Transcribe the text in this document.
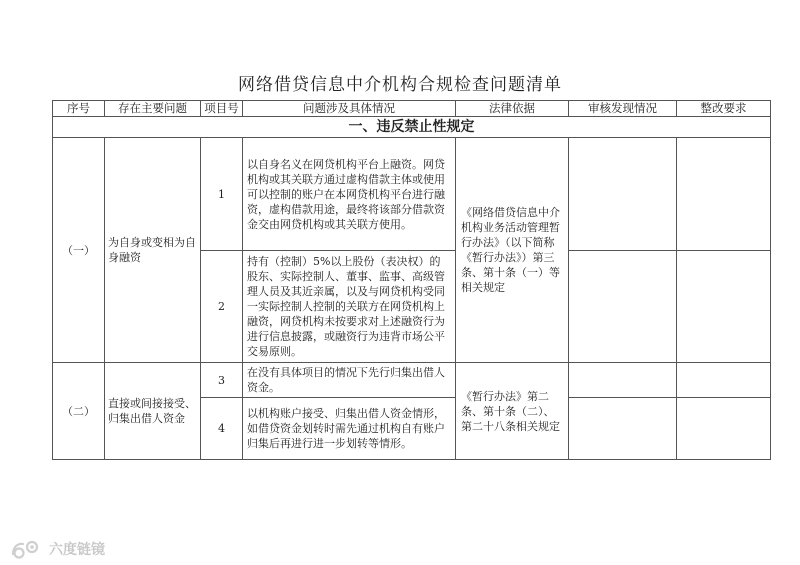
网络借贷信息中介机构合规检查问题清单
序号	存在主要问题	项目号	问题涉及具体情况	法律依据	审核发现情况	整改要求
一、违反禁止性规定						
（一）	为自身或变相为自身融资	1	以自身名义在网贷机构平台上融资。网贷机构或其关联方通过虚构借款主体或使用可以控制的账户在本网贷机构平台进行融资，虚构借款用途，最终将该部分借款资金交由网贷机构或其关联方使用。	《网络借贷信息中介机构业务活动管理暂行办法》（以下简称《暂行办法》）第三条、第十条（一）等相关规定		
		2	持有（控制）5%以上股份（表决权）的股东、实际控制人、董事、监事、高级管理人员及其近亲属，以及与网贷机构受同一实际控制人控制的关联方在网贷机构上融资，网贷机构未按要求对上述融资行为进行信息披露，或融资行为违背市场公平交易原则。			
（二）	直接或间接接受、归集出借人资金	3	在没有具体项目的情况下先行归集出借人资金。	《暂行办法》第二条、第十条（二）、第二十八条相关规定		
		4	以机构账户接受、归集出借人资金情形，如借贷资金划转时需先通过机构自有账户归集后再进行进一步划转等情形。			
六度链镜
